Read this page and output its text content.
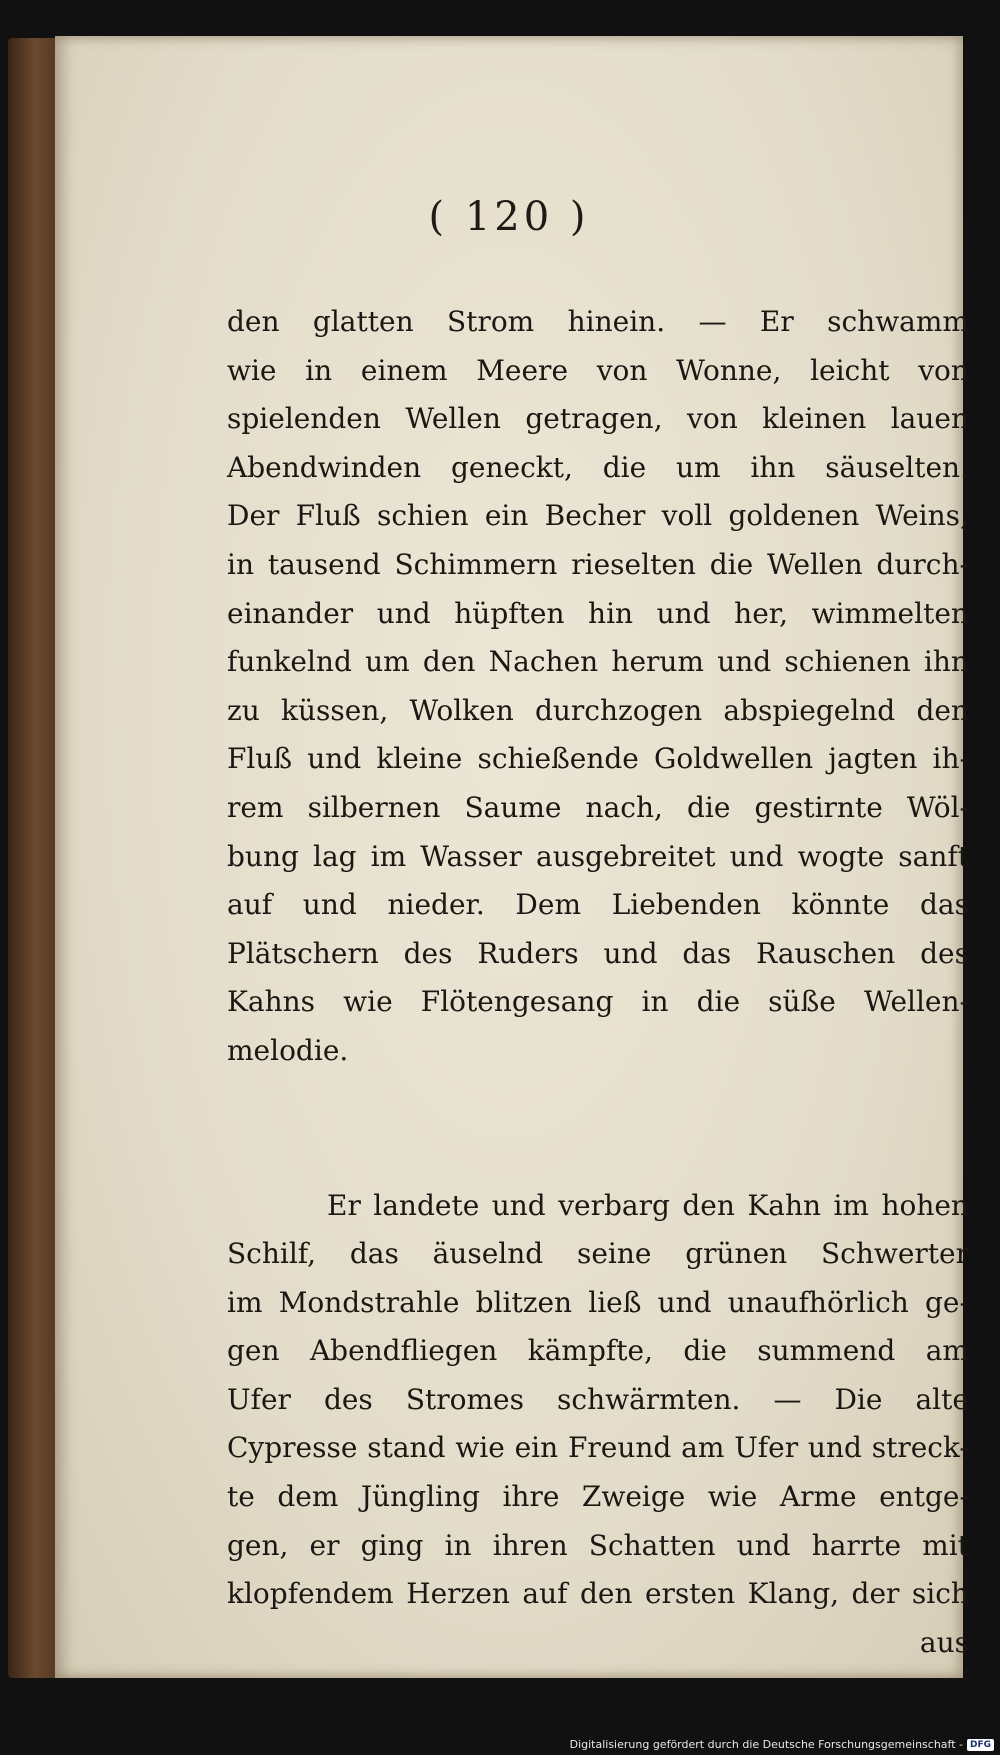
( 120 )
den glatten Strom hinein. — Er schwamm
wie in einem Meere von Wonne, leicht von
spielenden Wellen getragen, von kleinen lauen
Abendwinden geneckt, die um ihn säuselten.
Der Fluß schien ein Becher voll goldenen Weins,
in tausend Schimmern rieselten die Wellen durch-
einander und hüpften hin und her, wimmelten
funkelnd um den Nachen herum und schienen ihn
zu küssen, Wolken durchzogen abspiegelnd den
Fluß und kleine schießende Goldwellen jagten ih-
rem silbernen Saume nach, die gestirnte Wöl-
bung lag im Wasser ausgebreitet und wogte sanft
auf und nieder. Dem Liebenden könnte das
Plätschern des Ruders und das Rauschen des
Kahns wie Flötengesang in die süße Wellen-
melodie.
Er landete und verbarg den Kahn im hohen
Schilf, das äuselnd seine grünen Schwerter
im Mondstrahle blitzen ließ und unaufhörlich ge-
gen Abendfliegen kämpfte, die summend am
Ufer des Stromes schwärmten. — Die alte
Cypresse stand wie ein Freund am Ufer und streck-
te dem Jüngling ihre Zweige wie Arme entge-
gen, er ging in ihren Schatten und harrte mit
klopfendem Herzen auf den ersten Klang, der sich
aus
Digitalisierung gefördert durch die Deutsche Forschungsgemeinschaft - DFG
